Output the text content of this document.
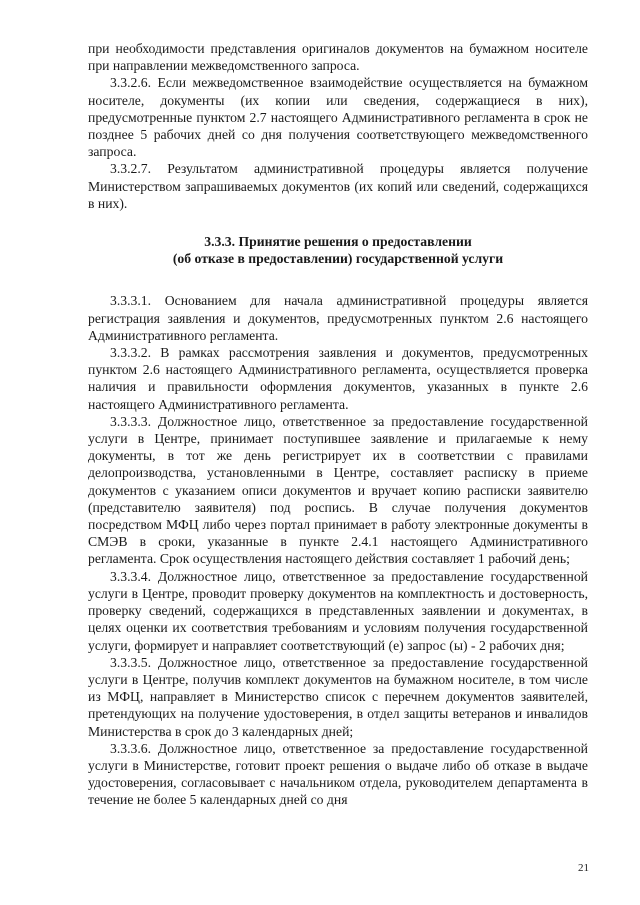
при необходимости представления оригиналов документов на бумажном носителе при направлении межведомственного запроса.

3.3.2.6. Если межведомственное взаимодействие осуществляется на бумажном носителе, документы (их копии или сведения, содержащиеся в них), предусмотренные пунктом 2.7 настоящего Административного регламента в срок не позднее 5 рабочих дней со дня получения соответствующего межведомственного запроса.

3.3.2.7. Результатом административной процедуры является получение Министерством запрашиваемых документов (их копий или сведений, содержащихся в них).

3.3.3. Принятие решения о предоставлении
(об отказе в предоставлении) государственной услуги

3.3.3.1. Основанием для начала административной процедуры является регистрация заявления и документов, предусмотренных пунктом 2.6 настоящего Административного регламента.

3.3.3.2. В рамках рассмотрения заявления и документов, предусмотренных пунктом 2.6 настоящего Административного регламента, осуществляется проверка наличия и правильности оформления документов, указанных в пункте 2.6 настоящего Административного регламента.

3.3.3.3. Должностное лицо, ответственное за предоставление государственной услуги в Центре, принимает поступившее заявление и прилагаемые к нему документы, в тот же день регистрирует их в соответствии с правилами делопроизводства, установленными в Центре, составляет расписку в приеме документов с указанием описи документов и вручает копию расписки заявителю (представителю заявителя) под роспись. В случае получения документов посредством МФЦ либо через портал принимает в работу электронные документы в СМЭВ в сроки, указанные в пункте 2.4.1 настоящего Административного регламента. Срок осуществления настоящего действия составляет 1 рабочий день;

3.3.3.4. Должностное лицо, ответственное за предоставление государственной услуги в Центре, проводит проверку документов на комплектность и достоверность, проверку сведений, содержащихся в представленных заявлении и документах, в целях оценки их соответствия требованиям и условиям получения государственной услуги, формирует и направляет соответствующий (е) запрос (ы) - 2 рабочих дня;

3.3.3.5. Должностное лицо, ответственное за предоставление государственной услуги в Центре, получив комплект документов на бумажном носителе, в том числе из МФЦ, направляет в Министерство список с перечнем документов заявителей, претендующих на получение удостоверения, в отдел защиты ветеранов и инвалидов Министерства в срок до 3 календарных дней;

3.3.3.6. Должностное лицо, ответственное за предоставление государственной услуги в Министерстве, готовит проект решения о выдаче либо об отказе в выдаче удостоверения, согласовывает с начальником отдела, руководителем департамента в течение не более 5 календарных дней со дня

21
